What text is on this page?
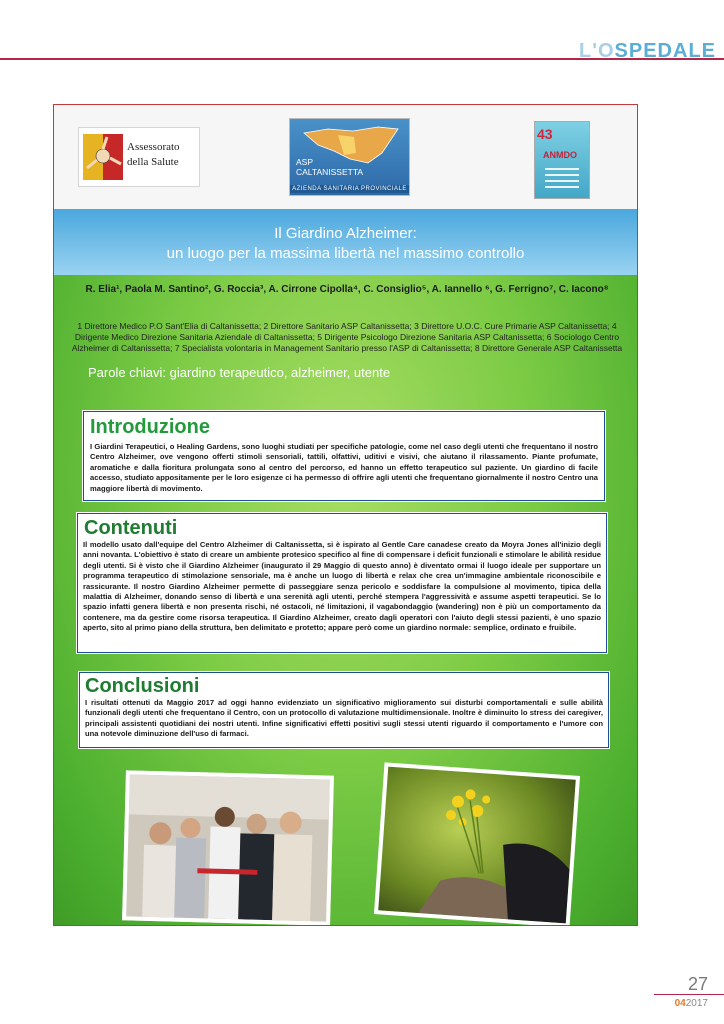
L'OSPEDALE
Assessorato
della Salute	ASP
CALTANISSETTA
AZIENDA SANITARIA PROVINCIALE
43
ANMDO
Il Giardino Alzheimer:
un luogo per la massima libertà nel massimo controllo
R. Elia¹, Paola M. Santino², G. Roccia³, A. Cirrone Cipolla⁴, C. Consiglio⁵, A. Iannello ⁶, G. Ferrigno⁷, C. Iacono⁸
1 Direttore Medico P.O Sant'Elia di Caltanissetta; 2 Direttore Sanitario ASP Caltanissetta; 3 Direttore U.O.C. Cure Primarie ASP Caltanissetta; 4 Dirigente Medico Direzione Sanitaria Aziendale di Caltanissetta; 5 Dirigente Psicologo Direzione Sanitaria ASP Caltanissetta; 6 Sociologo Centro Alzheimer di Caltanissetta; 7 Specialista volontaria in Management Sanitario presso l'ASP di Caltanissetta; 8 Direttore Generale ASP Caltanissetta
Parole chiavi: giardino terapeutico, alzheimer, utente
Introduzione
I Giardini Terapeutici, o Healing Gardens, sono luoghi studiati per specifiche patologie, come nel caso degli utenti che frequentano il nostro Centro Alzheimer, ove vengono offerti stimoli sensoriali, tattili, olfattivi, uditivi e visivi, che aiutano il rilassamento. Piante profumate, aromatiche e dalla fioritura prolungata sono al centro del percorso, ed hanno un effetto terapeutico sul paziente. Un giardino di facile accesso, studiato appositamente per le loro esigenze ci ha permesso di offrire agli utenti che frequentano giornalmente il nostro Centro una maggiore libertà di movimento.
Contenuti
Il modello usato dall'equipe del Centro Alzheimer di Caltanissetta, si è ispirato al Gentle Care canadese creato da Moyra Jones all'inizio degli anni novanta. L'obiettivo è stato di creare un ambiente protesico specifico al fine di compensare i deficit funzionali e stimolare le abilità residue degli utenti. Si è visto che il Giardino Alzheimer (inaugurato il 29 Maggio di questo anno) è diventato ormai il luogo ideale per supportare un programma terapeutico di stimolazione sensoriale, ma è anche un luogo di libertà e relax che crea un'immagine ambientale riconoscibile e rassicurante. Il nostro Giardino Alzheimer permette di passeggiare senza pericolo e soddisfare la compulsione al movimento, tipica della malattia di Alzheimer, donando senso di libertà e una serenità agli utenti, perché stempera l'aggressività e assume aspetti terapeutici. Se lo spazio infatti genera libertà e non presenta rischi, né ostacoli, né limitazioni, il vagabondaggio (wandering) non è più un comportamento da contenere, ma da gestire come risorsa terapeutica. Il Giardino Alzheimer, creato dagli operatori con l'aiuto degli stessi pazienti, è uno spazio aperto, sito al primo piano della struttura, ben delimitato e protetto; appare però come un giardino normale: semplice, ordinato e fruibile.
Conclusioni
I risultati ottenuti da Maggio 2017 ad oggi hanno evidenziato un significativo miglioramento sui disturbi comportamentali e sulle abilità funzionali degli utenti che frequentano il Centro, con un protocollo di valutazione multidimensionale. Inoltre è diminuito lo stress dei caregiver, principali assistenti quotidiani dei nostri utenti. Infine significativi effetti positivi sugli stessi utenti riguardo il comportamento e l'umore con una notevole diminuzione dell'uso di farmaci.
27
042017
